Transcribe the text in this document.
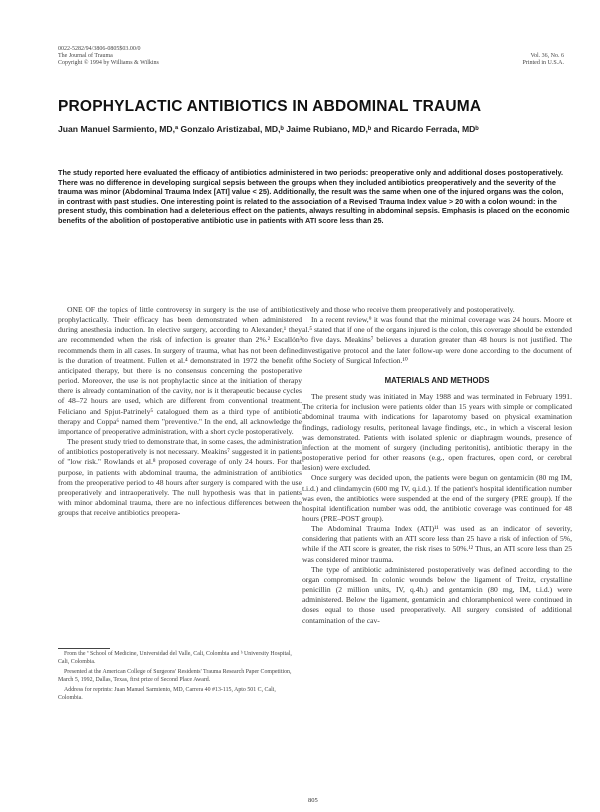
0022-5282/94/3806-0805$03.00/0
The Journal of Trauma
Copyright © 1994 by Williams & Wilkins
Vol. 36, No. 6
Printed in U.S.A.
PROPHYLACTIC ANTIBIOTICS IN ABDOMINAL TRAUMA
Juan Manuel Sarmiento, MD,ª Gonzalo Aristizabal, MD,ᵇ Jaime Rubiano, MD,ᵇ and Ricardo Ferrada, MDᵇ
The study reported here evaluated the efficacy of antibiotics administered in two periods: preoperative only and additional doses postoperatively. There was no difference in developing surgical sepsis between the groups when they included antibiotics preoperatively and the severity of the trauma was minor (Abdominal Trauma Index [ATI] value < 25). Additionally, the result was the same when one of the injured organs was the colon, in contrast with past studies. One interesting point is related to the association of a Revised Trauma Index value > 20 with a colon wound: in the present study, this combination had a deleterious effect on the patients, always resulting in abdominal sepsis. Emphasis is placed on the economic benefits of the abolition of postoperative antibiotic use in patients with ATI score less than 25.

ONE OF the topics of little controversy in surgery is the use of antibiotics prophylactically. Their efficacy has been demonstrated when administered during anesthesia induction. In elective surgery, according to Alexander,¹ they are recommended when the risk of infection is greater than 2%.² Escallón³ recommends them in all cases. In surgery of trauma, what has not been defined is the duration of treatment. Fullen et al.⁴ demonstrated in 1972 the benefit of anticipated therapy, but there is no consensus concerning the postoperative period. Moreover, the use is not prophylactic since at the initiation of therapy there is already contamination of the cavity, nor is it therapeutic because cycles of 48–72 hours are used, which are different from conventional treatment. Feliciano and Spjut-Patrinely⁵ catalogued them as a third type of antibiotic therapy and Coppa⁶ named them "preventive." In the end, all acknowledge the importance of preoperative administration, with a short cycle postoperatively.

The present study tried to demonstrate that, in some cases, the administration of antibiotics postoperatively is not necessary. Meakins⁷ suggested it in patients of "low risk." Rowlands et al.⁸ proposed coverage of only 24 hours. For that purpose, in patients with abdominal trauma, the administration of antibiotics from the preoperative period to 48 hours after surgery is compared with the use preoperatively and intraoperatively. The null hypothesis was that in patients with minor abdominal trauma, there are no infectious differences between the groups that receive antibiotics preopera-

tively and those who receive them preoperatively and postoperatively.

In a recent review,⁹ it was found that the minimal coverage was 24 hours. Moore et al.⁵ stated that if one of the organs injured is the colon, this coverage should be extended to five days. Meakins⁷ believes a duration greater than 48 hours is not justified. The investigative protocol and the later follow-up were done according to the document of the Society of Surgical Infection.¹⁰

MATERIALS AND METHODS

The present study was initiated in May 1988 and was terminated in February 1991. The criteria for inclusion were patients older than 15 years with simple or complicated abdominal trauma with indications for laparotomy based on physical examination findings, radiology results, peritoneal lavage findings, etc., in which a visceral lesion was demonstrated. Patients with isolated splenic or diaphragm wounds, presence of infection at the moment of surgery (including peritonitis), antibiotic therapy in the postoperative period for other reasons (e.g., open fractures, open cord, or cerebral lesion) were excluded.

Once surgery was decided upon, the patients were begun on gentamicin (80 mg IM, t.i.d.) and clindamycin (600 mg IV, q.i.d.). If the patient's hospital identification number was even, the antibiotics were suspended at the end of the surgery (PRE group). If the hospital identification number was odd, the antibiotic coverage was continued for 48 hours (PRE–POST group).

The Abdominal Trauma Index (ATI)¹¹ was used as an indicator of severity, considering that patients with an ATI score less than 25 have a risk of infection of 5%, while if the ATI score is greater, the risk rises to 50%.¹² Thus, an ATI score less than 25 was considered minor trauma.

The type of antibiotic administered postoperatively was defined according to the organ compromised. In colonic wounds below the ligament of Treitz, crystalline penicillin (2 million units, IV, q.4h.) and gentamicin (80 mg, IM, t.i.d.) were administered. Below the ligament, gentamicin and chloramphenicol were continued in doses equal to those used preoperatively. All surgery consisted of additional contamination of the cav-

From the ª School of Medicine, Universidad del Valle, Cali, Colombia and ᵇ University Hospital, Cali, Colombia.

Presented at the American College of Surgeons' Residents' Trauma Research Paper Competition, March 5, 1992, Dallas, Texas, first prize of Second Place Award.

Address for reprints: Juan Manuel Sarmiento, MD, Carrera 40 #13-115, Apto 501 C, Cali, Colombia.

805
